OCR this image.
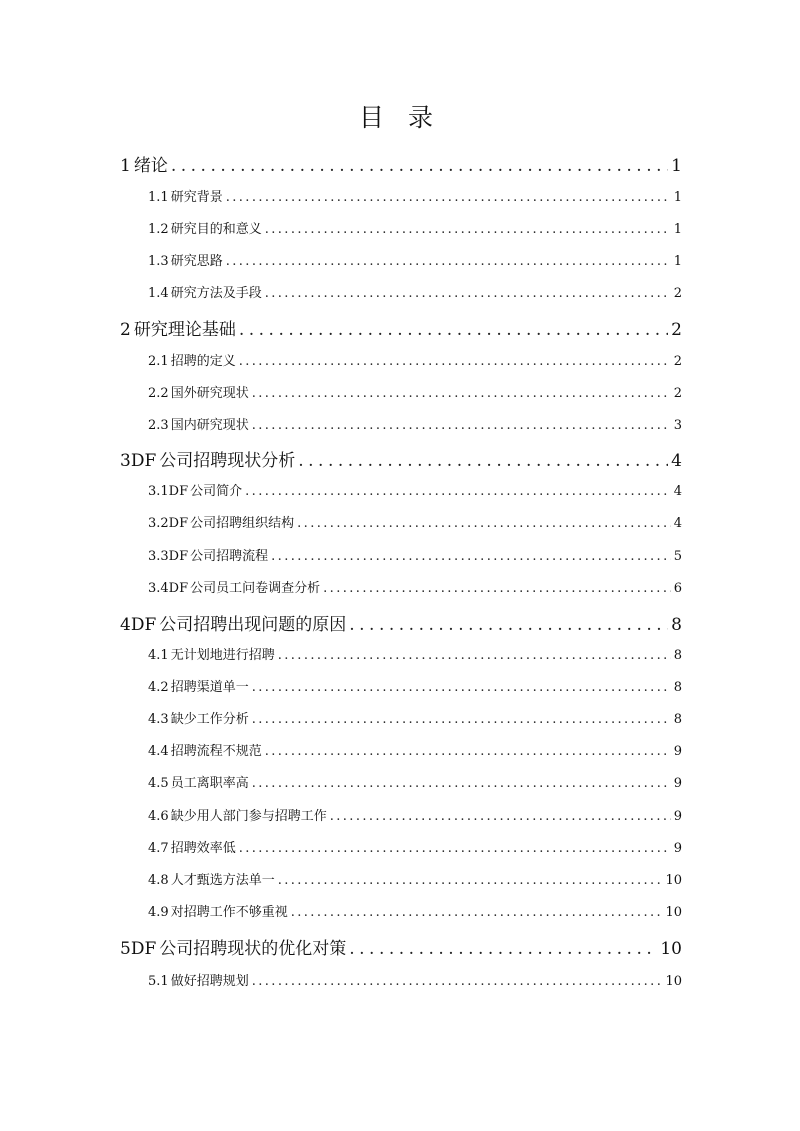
目 录
1 绪论 .....	1
1.1 研究背景 .....	1
1.2 研究目的和意义 .....	1
1.3 研究思路 .....	1
1.4 研究方法及手段 .....	2
2 研究理论基础 .....	2
2.1 招聘的定义 .....	2
2.2 国外研究现状 .....	2
2.3 国内研究现状 .....	3
3DF 公司招聘现状分析 .....	4
3.1DF 公司简介 .....	4
3.2DF 公司招聘组织结构 .....	4
3.3DF 公司招聘流程 .....	5
3.4DF 公司员工问卷调查分析 .....	6
4DF 公司招聘出现问题的原因 .....	8
4.1 无计划地进行招聘 .....	8
4.2 招聘渠道单一 .....	8
4.3 缺少工作分析 .....	8
4.4 招聘流程不规范 .....	9
4.5 员工离职率高 .....	9
4.6 缺少用人部门参与招聘工作 .....	9
4.7 招聘效率低 .....	9
4.8 人才甄选方法单一 .....	10
4.9 对招聘工作不够重视 .....	10
5DF 公司招聘现状的优化对策 .....	10
5.1 做好招聘规划 .....	10
